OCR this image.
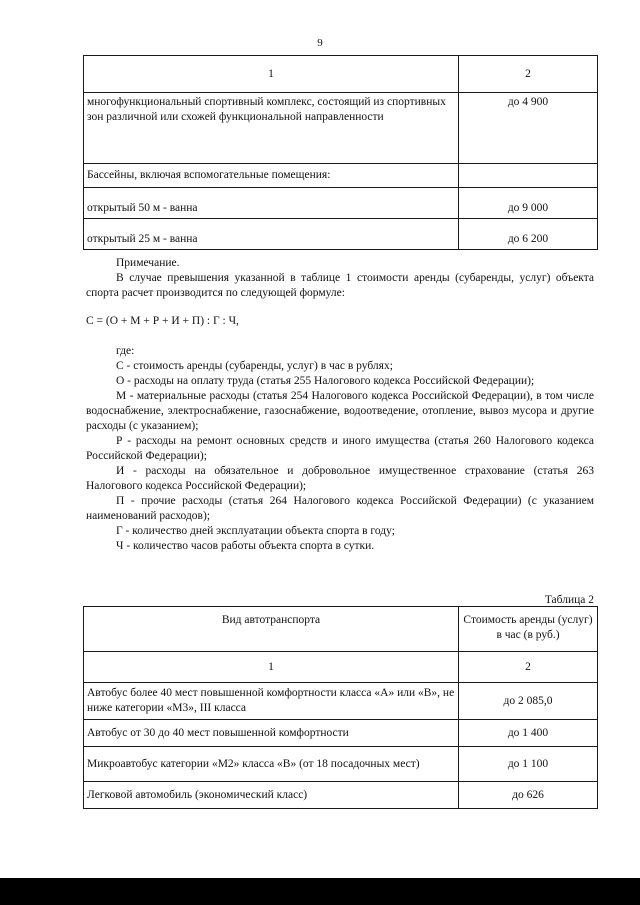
9
1	2
многофункциональный спортивный комплекс, состоящий из спортивных зон различной или схожей функциональной направленности	до 4 900
Бассейны, включая вспомогательные помещения:	
открытый 50 м - ванна	до 9 000
открытый 25 м - ванна	до 6 200

Примечание.

В случае превышения указанной в таблице 1 стоимости аренды (субаренды, услуг) объекта спорта расчет производится по следующей формуле:

С = (О + М + Р + И + П) : Г : Ч,

где:

С - стоимость аренды (субаренды, услуг) в час в рублях;

О - расходы на оплату труда (статья 255 Налогового кодекса Российской Федерации);

М - материальные расходы (статья 254 Налогового кодекса Российской Федерации), в том числе водоснабжение, электроснабжение, газоснабжение, водоотведение, отопление, вывоз мусора и другие расходы (с указанием);

Р - расходы на ремонт основных средств и иного имущества (статья 260 Налогового кодекса Российской Федерации);

И - расходы на обязательное и добровольное имущественное страхование (статья 263 Налогового кодекса Российской Федерации);

П - прочие расходы (статья 264 Налогового кодекса Российской Федерации) (с указанием наименований расходов);

Г - количество дней эксплуатации объекта спорта в году;

Ч - количество часов работы объекта спорта в сутки.

Таблица 2
Вид автотранспорта	Стоимость аренды (услуг) в час (в руб.)
1	2
Автобус более 40 мест повышенной комфортности класса «А» или «В», не ниже категории «М3», III класса	до 2 085,0
Автобус от 30 до 40 мест повышенной комфортности	до 1 400
Микроавтобус категории «М2» класса «В» (от 18 посадочных мест)	до 1 100
Легковой автомобиль (экономический класс)	до 626
